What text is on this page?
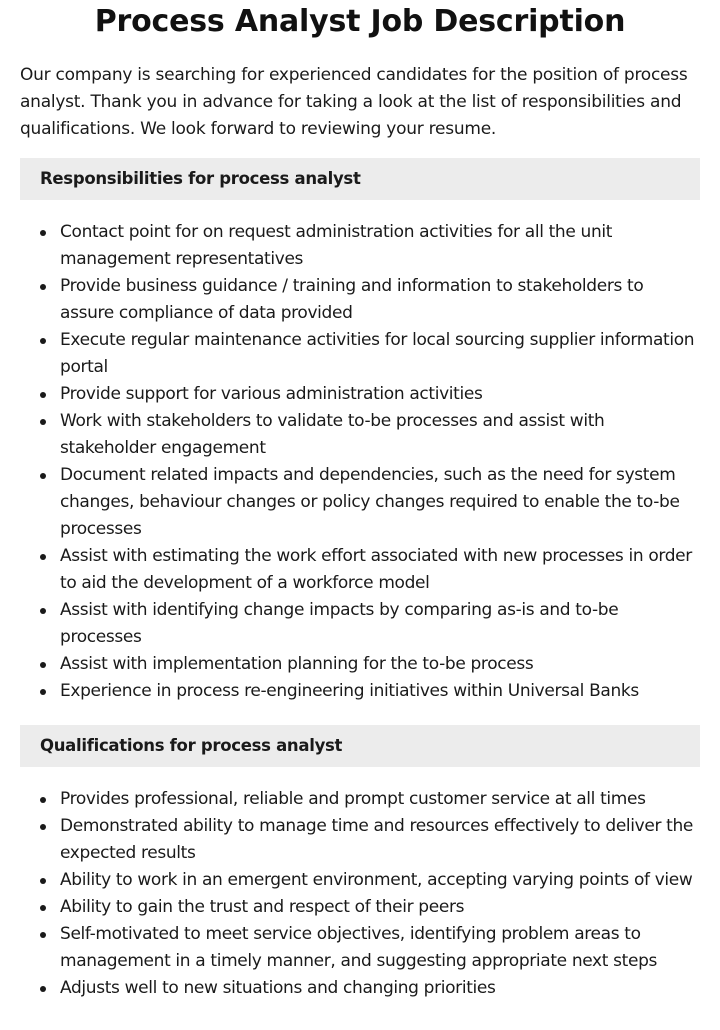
Process Analyst Job Description

Our company is searching for experienced candidates for the position of process analyst. Thank you in advance for taking a look at the list of responsibilities and qualifications. We look forward to reviewing your resume.

Responsibilities for process analyst
Contact point for on request administration activities for all the unit management representatives
Provide business guidance / training and information to stakeholders to assure compliance of data provided
Execute regular maintenance activities for local sourcing supplier information portal
Provide support for various administration activities
Work with stakeholders to validate to-be processes and assist with stakeholder engagement
Document related impacts and dependencies, such as the need for system changes, behaviour changes or policy changes required to enable the to-be processes
Assist with estimating the work effort associated with new processes in order to aid the development of a workforce model
Assist with identifying change impacts by comparing as-is and to-be processes
Assist with implementation planning for the to-be process
Experience in process re-engineering initiatives within Universal Banks
Qualifications for process analyst
Provides professional, reliable and prompt customer service at all times
Demonstrated ability to manage time and resources effectively to deliver the expected results
Ability to work in an emergent environment, accepting varying points of view
Ability to gain the trust and respect of their peers
Self-motivated to meet service objectives, identifying problem areas to management in a timely manner, and suggesting appropriate next steps
Adjusts well to new situations and changing priorities
